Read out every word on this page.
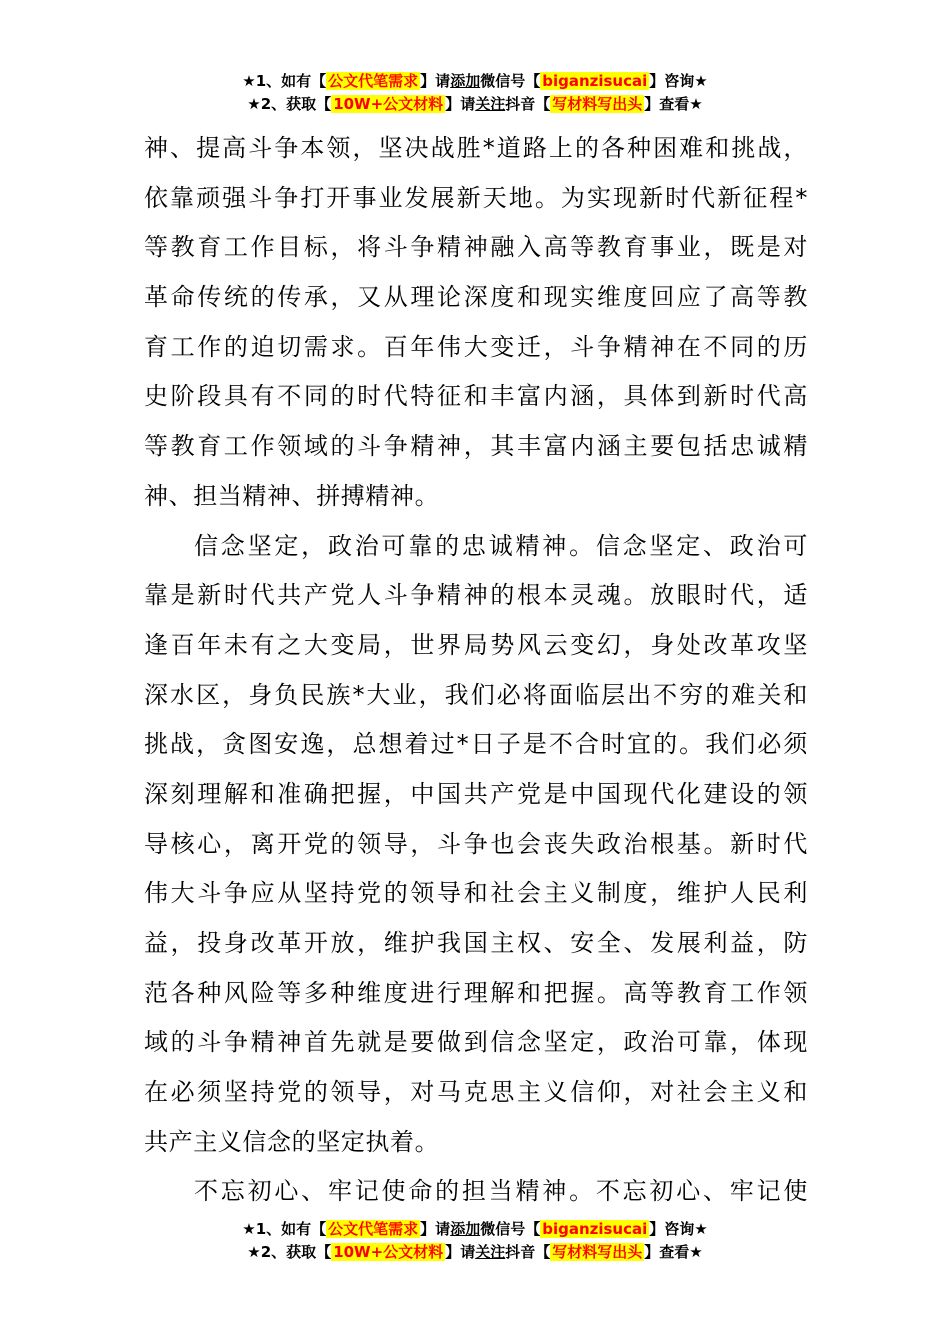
★1、如有【 公文代笔需求 】请添加微信号【 biganzisucai 】咨询★
★2、获取【 10W+公文材料 】请关注抖音【 写材料写出头 】查看★
神、提高斗争本领，坚决战胜*道路上的各种困难和挑战，
依靠顽强斗争打开事业发展新天地。为实现新时代新征程*
等教育工作目标，将斗争精神融入高等教育事业，既是对
革命传统的传承，又从理论深度和现实维度回应了高等教
育工作的迫切需求。百年伟大变迁，斗争精神在不同的历
史阶段具有不同的时代特征和丰富内涵，具体到新时代高
等教育工作领域的斗争精神，其丰富内涵主要包括忠诚精
神、担当精神、拼搏精神。
信念坚定，政治可靠的忠诚精神。信念坚定、政治可
靠是新时代共产党人斗争精神的根本灵魂。放眼时代，适
逢百年未有之大变局，世界局势风云变幻，身处改革攻坚
深水区，身负民族*大业，我们必将面临层出不穷的难关和
挑战，贪图安逸，总想着过*日子是不合时宜的。我们必须
深刻理解和准确把握，中国共产党是中国现代化建设的领
导核心，离开党的领导，斗争也会丧失政治根基。新时代
伟大斗争应从坚持党的领导和社会主义制度，维护人民利
益，投身改革开放，维护我国主权、安全、发展利益，防
范各种风险等多种维度进行理解和把握。高等教育工作领
域的斗争精神首先就是要做到信念坚定，政治可靠，体现
在必须坚持党的领导，对马克思主义信仰，对社会主义和
共产主义信念的坚定执着。
不忘初心、牢记使命的担当精神。不忘初心、牢记使
★1、如有【 公文代笔需求 】请添加微信号【 biganzisucai 】咨询★
★2、获取【 10W+公文材料 】请关注抖音【 写材料写出头 】查看★
